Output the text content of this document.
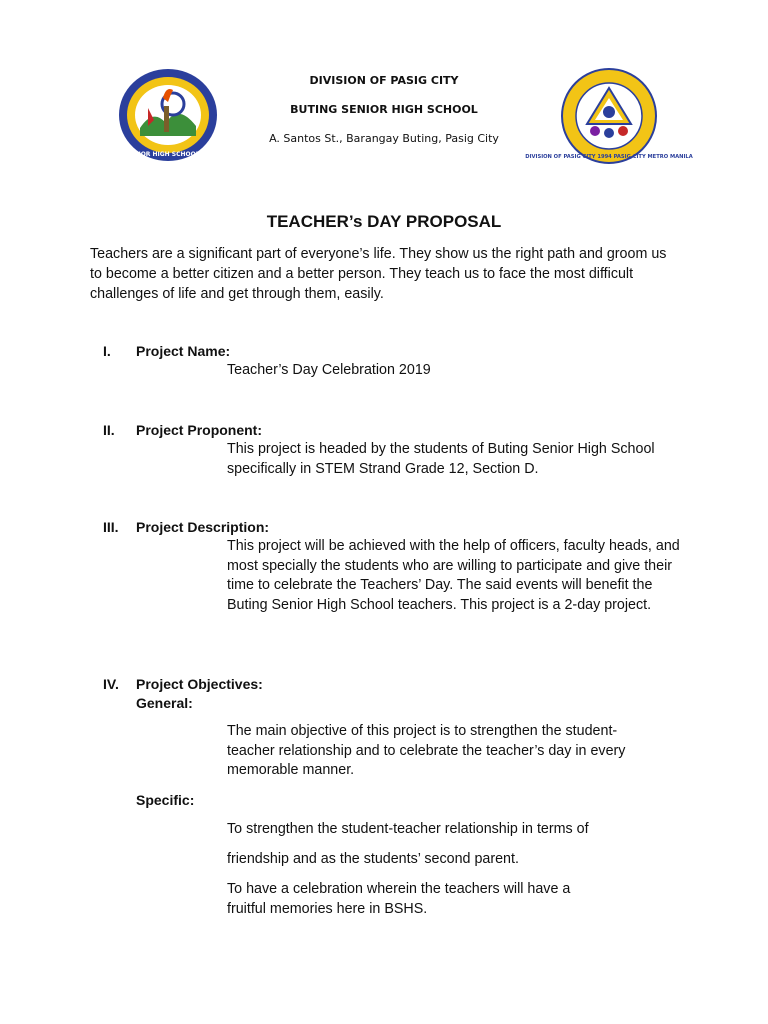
BUTING SENIOR HIGH SCHOOL PASIG CITY
DIVISION OF PASIG CITY
BUTING SENIOR HIGH SCHOOL
A. Santos St., Barangay Buting, Pasig City
DIVISION OF PASIG CITY 1994 PASIG CITY METRO MANILA
TEACHER’s DAY PROPOSAL
Teachers are a significant part of everyone’s life. They show us the right path and groom us to become a better citizen and a better person. They teach us to face the most difficult challenges of life and get through them, easily.
I. Project Name:
Teacher’s Day Celebration 2019
II. Project Proponent:
This project is headed by the students of Buting Senior High School specifically in STEM Strand Grade 12, Section D.
III. Project Description:
This project will be achieved with the help of officers, faculty heads, and most specially the students who are willing to participate and give their time to celebrate the Teachers’ Day. The said events will benefit the Buting Senior High School teachers. This project is a 2-day project.
IV. Project Objectives:
General:
The main objective of this project is to strengthen the student-teacher relationship and to celebrate the teacher’s day in every memorable manner.
Specific:
To strengthen the student-teacher relationship in terms of
friendship and as the students’ second parent.
To have a celebration wherein the teachers will have a fruitful memories here in BSHS.
